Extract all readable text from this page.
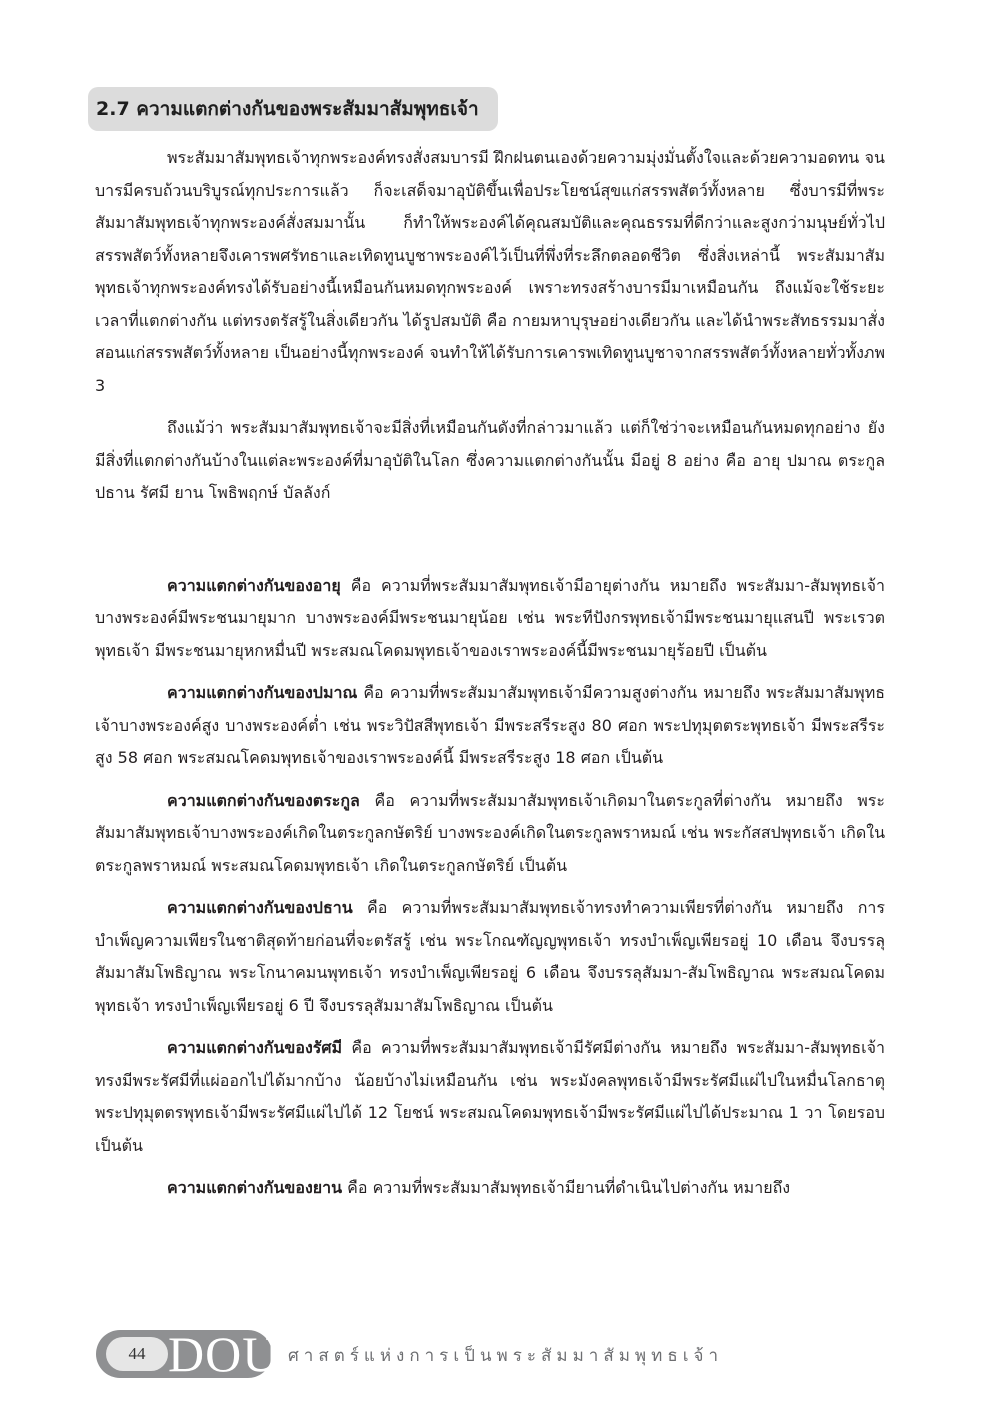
2.7 ความแตกต่างกันของพระสัมมาสัมพุทธเจ้า

พระสัมมาสัมพุทธเจ้าทุกพระองค์ทรงสั่งสมบารมี ฝึกฝนตนเองด้วยความมุ่งมั่นตั้งใจและด้วยความอดทน จนบารมีครบถ้วนบริบูรณ์ทุกประการแล้ว ก็จะเสด็จมาอุบัติขึ้นเพื่อประโยชน์สุขแก่สรรพสัตว์ทั้งหลาย ซึ่งบารมีที่พระสัมมาสัมพุทธเจ้าทุกพระองค์สั่งสมมานั้น ก็ทำให้พระองค์ได้คุณสมบัติและคุณธรรมที่ดีกว่าและสูงกว่ามนุษย์ทั่วไป สรรพสัตว์ทั้งหลายจึงเคารพศรัทธาและเทิดทูนบูชาพระองค์ไว้เป็นที่พึ่งที่ระลึกตลอดชีวิต ซึ่งสิ่งเหล่านี้ พระสัมมาสัมพุทธเจ้าทุกพระองค์ทรงได้รับอย่างนี้เหมือนกันหมดทุกพระองค์ เพราะทรงสร้างบารมีมาเหมือนกัน ถึงแม้จะใช้ระยะเวลาที่แตกต่างกัน แต่ทรงตรัสรู้ในสิ่งเดียวกัน ได้รูปสมบัติ คือ กายมหาบุรุษอย่างเดียวกัน และได้นำพระสัทธรรมมาสั่งสอนแก่สรรพสัตว์ทั้งหลาย เป็นอย่างนี้ทุกพระองค์ จนทำให้ได้รับการเคารพเทิดทูนบูชาจากสรรพสัตว์ทั้งหลายทั่วทั้งภพ 3

ถึงแม้ว่า พระสัมมาสัมพุทธเจ้าจะมีสิ่งที่เหมือนกันดังที่กล่าวมาแล้ว แต่ก็ใช่ว่าจะเหมือนกันหมดทุกอย่าง ยังมีสิ่งที่แตกต่างกันบ้างในแต่ละพระองค์ที่มาอุบัติในโลก ซึ่งความแตกต่างกันนั้น มีอยู่ 8 อย่าง คือ อายุ ปมาณ ตระกูล ปธาน รัศมี ยาน โพธิพฤกษ์ บัลลังก์

ความแตกต่างกันของอายุ คือ ความที่พระสัมมาสัมพุทธเจ้ามีอายุต่างกัน หมายถึง พระสัมมา-สัมพุทธเจ้าบางพระองค์มีพระชนมายุมาก บางพระองค์มีพระชนมายุน้อย เช่น พระทีปังกรพุทธเจ้ามีพระชนมายุแสนปี พระเรวตพุทธเจ้า มีพระชนมายุหกหมื่นปี พระสมณโคดมพุทธเจ้าของเราพระองค์นี้มีพระชนมายุร้อยปี เป็นต้น

ความแตกต่างกันของปมาณ คือ ความที่พระสัมมาสัมพุทธเจ้ามีความสูงต่างกัน หมายถึง พระสัมมาสัมพุทธเจ้าบางพระองค์สูง บางพระองค์ต่ำ เช่น พระวิปัสสีพุทธเจ้า มีพระสรีระสูง 80 ศอก พระปทุมุตตระพุทธเจ้า มีพระสรีระสูง 58 ศอก พระสมณโคดมพุทธเจ้าของเราพระองค์นี้ มีพระสรีระสูง 18 ศอก เป็นต้น

ความแตกต่างกันของตระกูล คือ ความที่พระสัมมาสัมพุทธเจ้าเกิดมาในตระกูลที่ต่างกัน หมายถึง พระสัมมาสัมพุทธเจ้าบางพระองค์เกิดในตระกูลกษัตริย์ บางพระองค์เกิดในตระกูลพราหมณ์ เช่น พระกัสสปพุทธเจ้า เกิดในตระกูลพราหมณ์ พระสมณโคดมพุทธเจ้า เกิดในตระกูลกษัตริย์ เป็นต้น

ความแตกต่างกันของปธาน คือ ความที่พระสัมมาสัมพุทธเจ้าทรงทำความเพียรที่ต่างกัน หมายถึง การบำเพ็ญความเพียรในชาติสุดท้ายก่อนที่จะตรัสรู้ เช่น พระโกณฑัญญพุทธเจ้า ทรงบำเพ็ญเพียรอยู่ 10 เดือน จึงบรรลุสัมมาสัมโพธิญาณ พระโกนาคมนพุทธเจ้า ทรงบำเพ็ญเพียรอยู่ 6 เดือน จึงบรรลุสัมมา-สัมโพธิญาณ พระสมณโคดมพุทธเจ้า ทรงบำเพ็ญเพียรอยู่ 6 ปี จึงบรรลุสัมมาสัมโพธิญาณ เป็นต้น

ความแตกต่างกันของรัศมี คือ ความที่พระสัมมาสัมพุทธเจ้ามีรัศมีต่างกัน หมายถึง พระสัมมา-สัมพุทธเจ้าทรงมีพระรัศมีที่แผ่ออกไปได้มากบ้าง น้อยบ้างไม่เหมือนกัน เช่น พระมังคลพุทธเจ้ามีพระรัศมีแผ่ไปในหมื่นโลกธาตุ พระปทุมุตตรพุทธเจ้ามีพระรัศมีแผ่ไปได้ 12 โยชน์ พระสมณโคดมพุทธเจ้ามีพระรัศมีแผ่ไปได้ประมาณ 1 วา โดยรอบ เป็นต้น

ความแตกต่างกันของยาน คือ ความที่พระสัมมาสัมพุทธเจ้ามียานที่ดำเนินไปต่างกัน หมายถึง

44 DOU ศาสตร์แห่งการเป็นพระสัมมาสัมพุทธเจ้า
